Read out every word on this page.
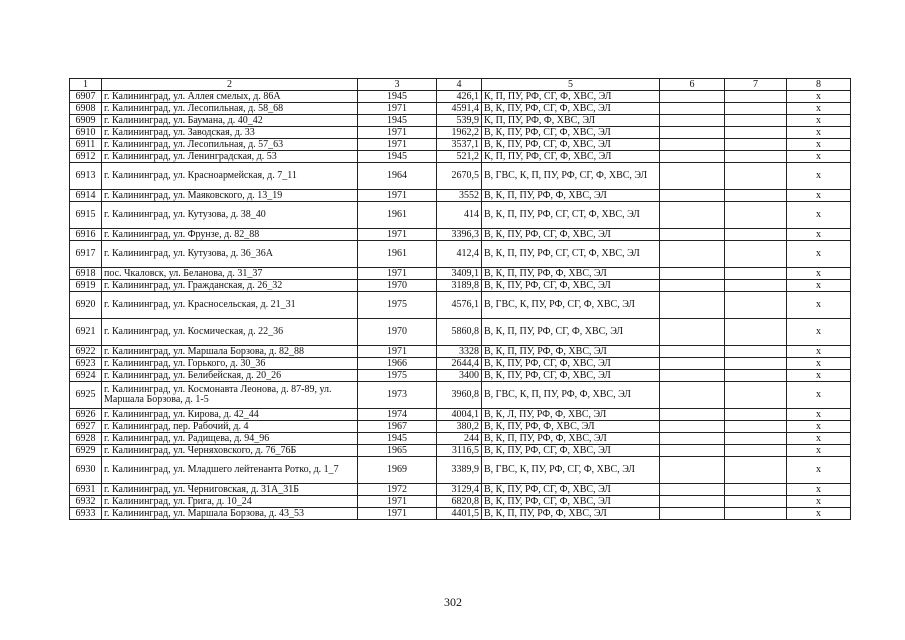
1	2	3	4	5	6	7	8
6907	г. Калининград, ул. Аллея смелых, д. 86А	1945	426,1	К, П, ПУ, РФ, СГ, Ф, ХВС, ЭЛ			x
6908	г. Калининград, ул. Лесопильная, д. 58_68	1971	4591,4	В, К, ПУ, РФ, СГ, Ф, ХВС, ЭЛ			x
6909	г. Калининград, ул. Баумана, д. 40_42	1945	539,9	К, П, ПУ, РФ, Ф, ХВС, ЭЛ			x
6910	г. Калининград, ул. Заводская, д. 33	1971	1962,2	В, К, ПУ, РФ, СГ, Ф, ХВС, ЭЛ			x
6911	г. Калининград, ул. Лесопильная, д. 57_63	1971	3537,1	В, К, ПУ, РФ, СГ, Ф, ХВС, ЭЛ			x
6912	г. Калининград, ул. Ленинградская, д. 53	1945	521,2	К, П, ПУ, РФ, СГ, Ф, ХВС, ЭЛ			x
6913	г. Калининград, ул. Красноармейская, д. 7_11	1964	2670,5	В, ГВС, К, П, ПУ, РФ, СГ, Ф, ХВС, ЭЛ			x
6914	г. Калининград, ул. Маяковского, д. 13_19	1971	3552	В, К, П, ПУ, РФ, Ф, ХВС, ЭЛ			x
6915	г. Калининград, ул. Кутузова, д. 38_40	1961	414	В, К, П, ПУ, РФ, СГ, СТ, Ф, ХВС, ЭЛ			x
6916	г. Калининград, ул. Фрунзе, д. 82_88	1971	3396,3	В, К, ПУ, РФ, СГ, Ф, ХВС, ЭЛ			x
6917	г. Калининград, ул. Кутузова, д. 36_36А	1961	412,4	В, К, П, ПУ, РФ, СГ, СТ, Ф, ХВС, ЭЛ			x
6918	пос. Чкаловск, ул. Беланова, д. 31_37	1971	3409,1	В, К, П, ПУ, РФ, Ф, ХВС, ЭЛ			x
6919	г. Калининград, ул. Гражданская, д. 26_32	1970	3189,8	В, К, ПУ, РФ, СГ, Ф, ХВС, ЭЛ			x
6920	г. Калининград, ул. Красносельская, д. 21_31	1975	4576,1	В, ГВС, К, ПУ, РФ, СГ, Ф, ХВС, ЭЛ			x
6921	г. Калининград, ул. Космическая, д. 22_36	1970	5860,8	В, К, П, ПУ, РФ, СГ, Ф, ХВС, ЭЛ			x
6922	г. Калининград, ул. Маршала Борзова, д. 82_88	1971	3328	В, К, П, ПУ, РФ, Ф, ХВС, ЭЛ			x
6923	г. Калининград, ул. Горького, д. 30_36	1966	2644,4	В, К, ПУ, РФ, СГ, Ф, ХВС, ЭЛ			x
6924	г. Калининград, ул. Белибейская, д. 20_26	1975	3400	В, К, ПУ, РФ, СГ, Ф, ХВС, ЭЛ			x
6925	г. Калининград, ул. Космонавта Леонова, д. 87-89, ул. Маршала Борзова, д. 1-5	1973	3960,8	В, ГВС, К, П, ПУ, РФ, Ф, ХВС, ЭЛ			x
6926	г. Калининград, ул. Кирова, д. 42_44	1974	4004,1	В, К, Л, ПУ, РФ, Ф, ХВС, ЭЛ			x
6927	г. Калининград, пер. Рабочий, д. 4	1967	380,2	В, К, ПУ, РФ, Ф, ХВС, ЭЛ			x
6928	г. Калининград, ул. Радищева, д. 94_96	1945	244	В, К, П, ПУ, РФ, Ф, ХВС, ЭЛ			x
6929	г. Калининград, ул. Черняховского, д. 76_76Б	1965	3116,5	В, К, ПУ, РФ, СГ, Ф, ХВС, ЭЛ			x
6930	г. Калининград, ул. Младшего лейтенанта Ротко, д. 1_7	1969	3389,9	В, ГВС, К, ПУ, РФ, СГ, Ф, ХВС, ЭЛ			x
6931	г. Калининград, ул. Черниговская, д. 31А_31Б	1972	3129,4	В, К, ПУ, РФ, СГ, Ф, ХВС, ЭЛ			x
6932	г. Калининград, ул. Грига, д. 10_24	1971	6820,8	В, К, ПУ, РФ, СГ, Ф, ХВС, ЭЛ			x
6933	г. Калининград, ул. Маршала Борзова, д. 43_53	1971	4401,5	В, К, П, ПУ, РФ, Ф, ХВС, ЭЛ			x
302
